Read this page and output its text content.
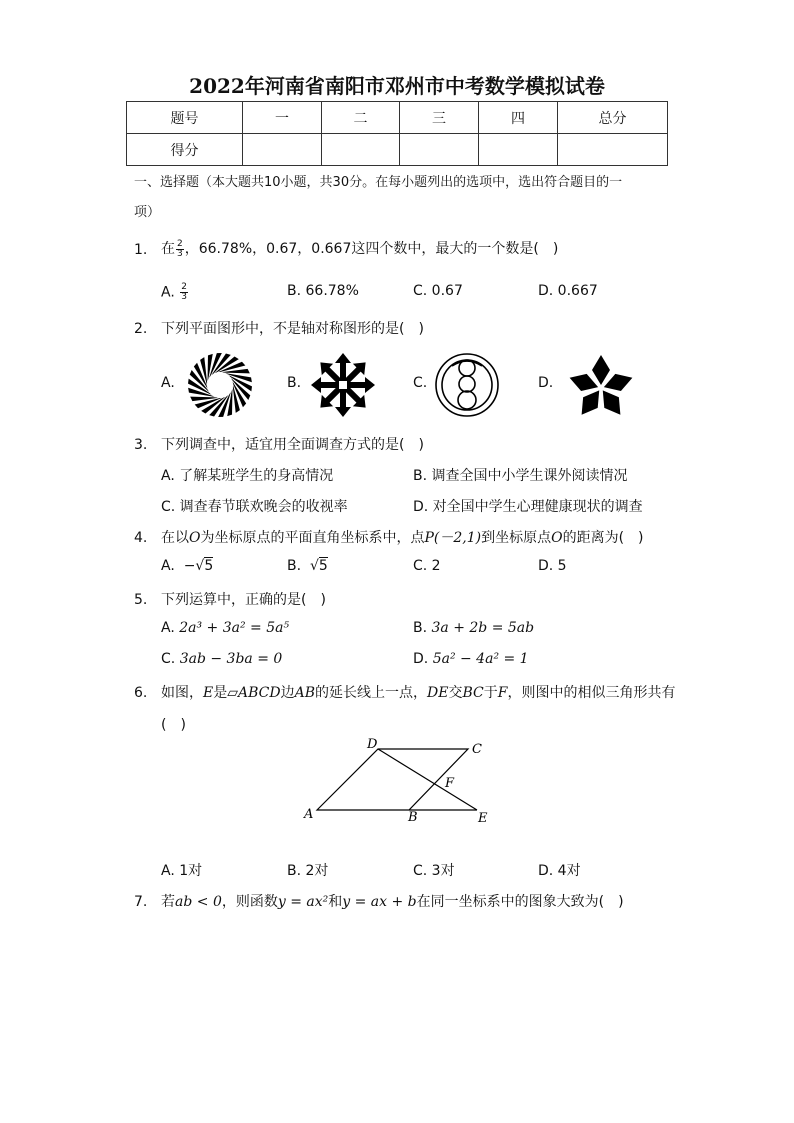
2022年河南省南阳市邓州市中考数学模拟试卷
题号	一	二	三	四	总分
得分					
一、选择题（本大题共10小题，共30分。在每小题列出的选项中，选出符合题目的一
项）
1. 在 $\frac{2}{3}$ ，66.78%，0.67，0.667这四个数中，最大的一个数是(　)
A. $\frac{2}{3}$	B. 66.78%	C. 0.67	D. 0.667
2. 下列平面图形中，不是轴对称图形的是(　)
A.	B.	C.	D.
3. 下列调查中，适宜用全面调查方式的是(　)
A. 了解某班学生的身高情况	B. 调查全国中小学生课外阅读情况
C. 调查春节联欢晚会的收视率	D. 对全国中学生心理健康现状的调查
4. 在以O为坐标原点的平面直角坐标系中，点P(－2,1)到坐标原点O的距离为(　)
A. −√5	B. √5	C. 2	D. 5
5. 下列运算中，正确的是(　)
A. 2a³ + 3a² = 5a⁵	B. 3a + 2b = 5ab
C. 3ab − 3ba = 0	D. 5a² − 4a² = 1
6. 如图，E是▱ABCD边AB的延长线上一点，DE交BC于F，则图中的相似三角形共有
(　)
A	B
C
D
E
F
A. 1对	B. 2对	C. 3对	D. 4对
7. 若ab < 0，则函数y = ax²和y = ax + b在同一坐标系中的图象大致为(　)
